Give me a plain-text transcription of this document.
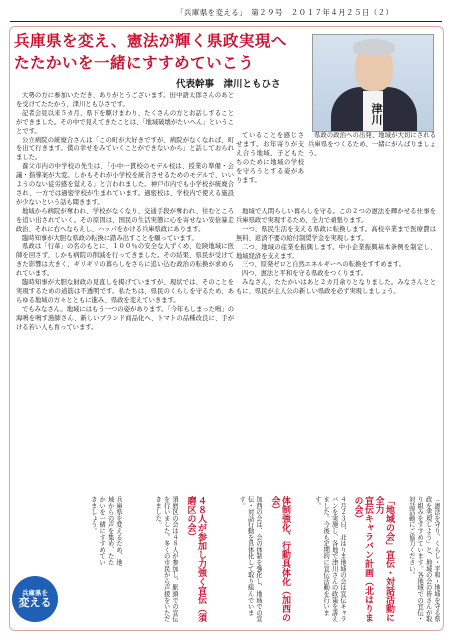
「兵庫県を変える」　第２９号　２０１７年４月２５日（２）
兵庫県を変え、憲法が輝く県政実現へ
たたかいを一緒にすすめていこう
代表幹事　津川ともひさ
津川

大勢の方に参加いただき、ありがとうございます。田中語太郎さんのあとを受けてたたかう、津川ともひさです。

記者会見以来５カ月、県下を駆けまわり、たくさんの方とお話しすることができました。その中で見えてきたことは、「地域破壊がたいへん」ということです。

公立病院の統廃合さんは「この町が大好きですが、病院がなくなれば、町を出て行きます。僕の幸せをみていくことができないから」と話しておられました。

養父市内の中学校の先生は、「小中一貫校のモデル校は、授業の準備・会議・指導案が大変。しかもそれが小学校を統合させるためのモデルで、いいようのない徒労感を覚える」と言われました。神戸市内でも小学校が統廃合され、一方では過密学校が生まれています。過密校は、学校内で使える施設が少ないという話も聞きます。

地域から病院が奪われ、学校がなくなり、交通手段が奪われ、住むところを追い出されていく。その原因は、国民の生活実態に心を寄せない安倍暴走政治、それに右へならえし、ハッパをかける兵庫県政にあります。

臨時知事が大胆な県政の転換に踏み出すことを願っています。

県政は「行革」の名のもとに、１００％の安全な人ずくめ、危険地域に医師を回さず、しかも病院の削減を行ってきました。その結果、県民が受けてきた影響は大きく、ギリギリの暮らしをさらに追い込む政治の転換が求められています。

臨時知事が大胆な財政の見直しを掲げていますが、現状では、そのことを実現するための道筋は不透明です。私たちは、県民のくらしを守るため、あらゆる地域の方々とともに進み、県政を変えていきます。

でもみなさん。地域にはもう一つの姿があります。「今年もしまった鳴」の海鳴を鳴す漁師さん、新しいブランド商品化へ、トマトの品種改良に、手がける若い人も育っています。

ていることを感じさせます。お年寄りが支え合う地域、子どもたちのために地域の学校を守ろうとする姿があります。

県政の政治への出発、地域が大切にされる兵庫県をつくるため、一緒にがんばりましょう。

地域で人間らしい暮らしを守る。この２つの憲法を輝かせる仕事を兵庫県政で実現するため、全力で頑張ります。

一つ、県民生活を支える県政に転換します。高校卒業まで医療費は無料、返済不要の給付制奨学金を実現します。

二つ、地域の産業を振興します。中小企業振興基本条例を制定し、地域経済を支えます。

三つ、原発ゼロと自然エネルギーへの転換をすすめます。

四つ、憲法と平和を守る県政をつくります。

みなさん、たたかいはあと２カ月余りとなりました。みなさんとともに、県民が主人公の新しい県政を必ず実現しましょう。

「憲法を守り、くらし・平和・地域を守る県政を実現しよう」と、地域の会の皆さんが取り組みをすすめています。各地域での宣伝・対話活動にご協力ください。
「地域の会」宣伝・対話活動に全力
宣伝キャラバン計画（北はりまの会）
４月２３日、北はりま地域の会は宣伝キャラバンを実施し、各地で津川さんの政策を訴えました。今後も定期的に宣伝活動を行います。
体制強化、行動具体化（加西の会）
加西の会は、会の体制を強化し、地域での宣伝・対話行動を具体化して取り組んでいます。
４８人が参加し力強く宣伝（須磨区の会）
須磨区の会は４８人が参加し、駅頭での宣伝を行いました。多くの市民から声援をいただきました。
兵庫県を変えるため、地域からの声を集め、たたかいを一緒にすすめていきましょう。
兵庫県を
変える
